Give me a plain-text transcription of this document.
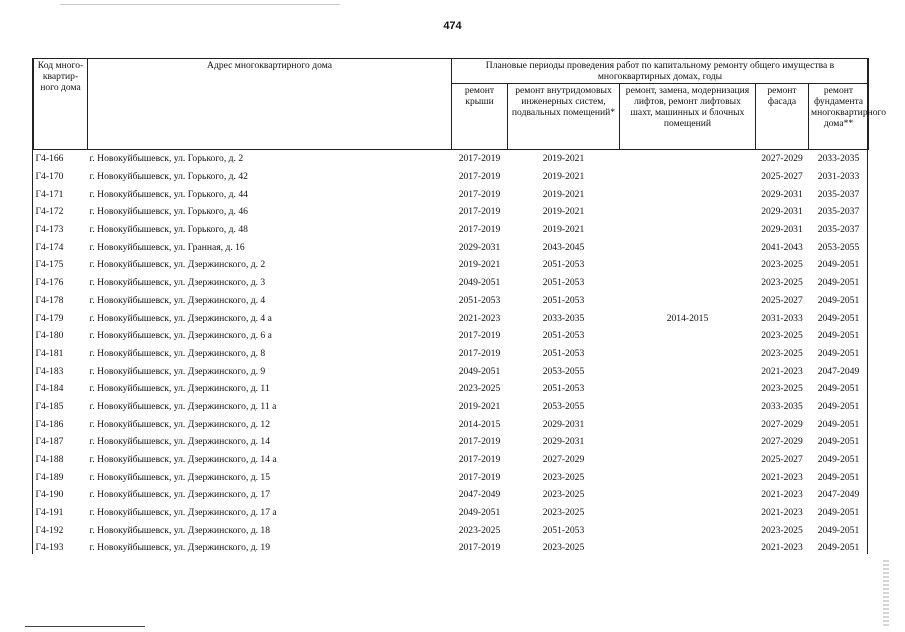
474
Код много-квартир-ного дома	Адрес многоквартирного дома	Плановые периоды проведения работ по капитальному ремонту общего имущества в многоквартирных домах, годы				
		ремонт крыши	ремонт внутридомовых инженерных систем, подвальных помещений*	ремонт, замена, модернизация лифтов, ремонт лифтовых шахт, машинных и блочных помещений	ремонт фасада	ремонт фундамента многоквартирного дома**
Г4-166	г. Новокуйбышевск, ул. Горького, д. 2	2017-2019	2019-2021		2027-2029	2033-2035
Г4-170	г. Новокуйбышевск, ул. Горького, д. 42	2017-2019	2019-2021		2025-2027	2031-2033
Г4-171	г. Новокуйбышевск, ул. Горького, д. 44	2017-2019	2019-2021		2029-2031	2035-2037
Г4-172	г. Новокуйбышевск, ул. Горького, д. 46	2017-2019	2019-2021		2029-2031	2035-2037
Г4-173	г. Новокуйбышевск, ул. Горького, д. 48	2017-2019	2019-2021		2029-2031	2035-2037
Г4-174	г. Новокуйбышевск, ул. Гранная, д. 16	2029-2031	2043-2045		2041-2043	2053-2055
Г4-175	г. Новокуйбышевск, ул. Дзержинского, д. 2	2019-2021	2051-2053		2023-2025	2049-2051
Г4-176	г. Новокуйбышевск, ул. Дзержинского, д. 3	2049-2051	2051-2053		2023-2025	2049-2051
Г4-178	г. Новокуйбышевск, ул. Дзержинского, д. 4	2051-2053	2051-2053		2025-2027	2049-2051
Г4-179	г. Новокуйбышевск, ул. Дзержинского, д. 4 а	2021-2023	2033-2035	2014-2015	2031-2033	2049-2051
Г4-180	г. Новокуйбышевск, ул. Дзержинского, д. 6 а	2017-2019	2051-2053		2023-2025	2049-2051
Г4-181	г. Новокуйбышевск, ул. Дзержинского, д. 8	2017-2019	2051-2053		2023-2025	2049-2051
Г4-183	г. Новокуйбышевск, ул. Дзержинского, д. 9	2049-2051	2053-2055		2021-2023	2047-2049
Г4-184	г. Новокуйбышевск, ул. Дзержинского, д. 11	2023-2025	2051-2053		2023-2025	2049-2051
Г4-185	г. Новокуйбышевск, ул. Дзержинского, д. 11 а	2019-2021	2053-2055		2033-2035	2049-2051
Г4-186	г. Новокуйбышевск, ул. Дзержинского, д. 12	2014-2015	2029-2031		2027-2029	2049-2051
Г4-187	г. Новокуйбышевск, ул. Дзержинского, д. 14	2017-2019	2029-2031		2027-2029	2049-2051
Г4-188	г. Новокуйбышевск, ул. Дзержинского, д. 14 а	2017-2019	2027-2029		2025-2027	2049-2051
Г4-189	г. Новокуйбышевск, ул. Дзержинского, д. 15	2017-2019	2023-2025		2021-2023	2049-2051
Г4-190	г. Новокуйбышевск, ул. Дзержинского, д. 17	2047-2049	2023-2025		2021-2023	2047-2049
Г4-191	г. Новокуйбышевск, ул. Дзержинского, д. 17 а	2049-2051	2023-2025		2021-2023	2049-2051
Г4-192	г. Новокуйбышевск, ул. Дзержинского, д. 18	2023-2025	2051-2053		2023-2025	2049-2051
Г4-193	г. Новокуйбышевск, ул. Дзержинского, д. 19	2017-2019	2023-2025		2021-2023	2049-2051
